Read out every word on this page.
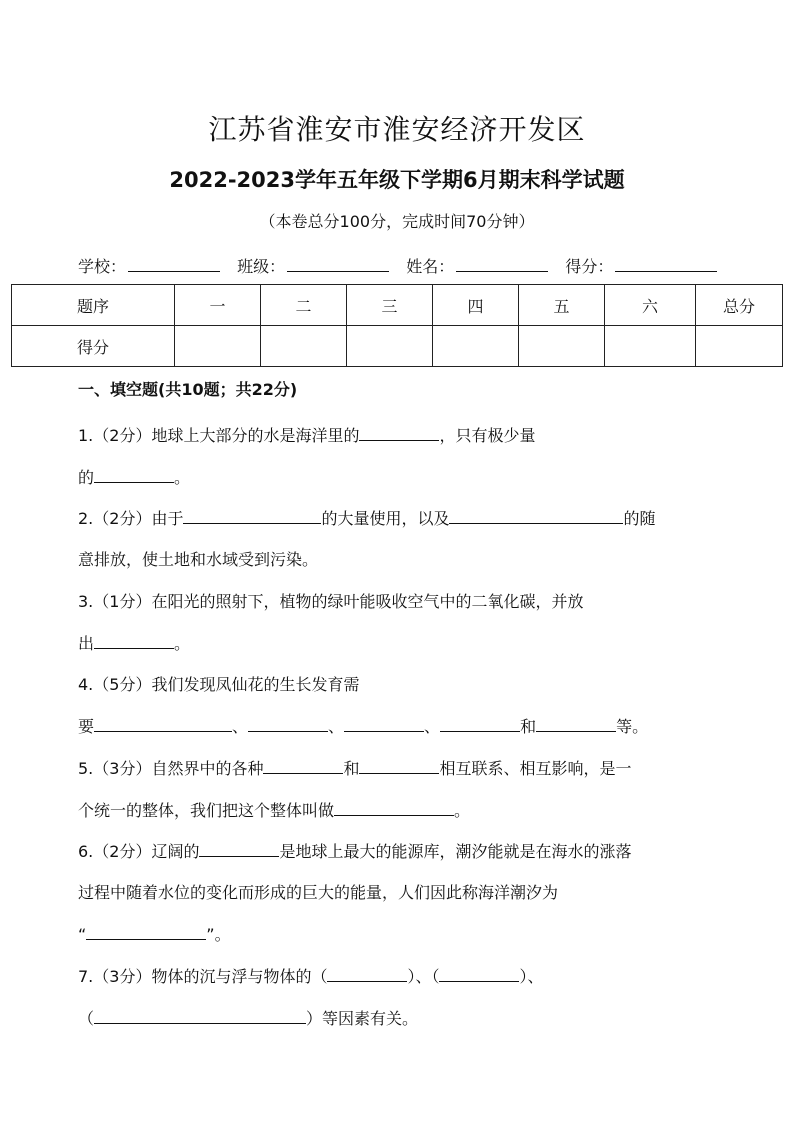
江苏省淮安市淮安经济开发区
2022-2023学年五年级下学期6月期末科学试题
（本卷总分100分，完成时间70分钟）
学校：	班级：	姓名：	得分：
题序	一	二	三	四	五	六	总分
得分							
一、填空题(共10题；共22分)
1.（2分）地球上大部分的水是海洋里的	，只有极少量
的	。
2.（2分）由于	的大量使用，以及	的随
意排放，使土地和水域受到污染。
3.（1分）在阳光的照射下，植物的绿叶能吸收空气中的二氧化碳，并放
出	。
4.（5分）我们发现凤仙花的生长发育需
要	、	、	、	和	等。
5.（3分）自然界中的各种	和	相互联系、相互影响，是一
个统一的整体，我们把这个整体叫做	。
6.（2分）辽阔的	是地球上最大的能源库，潮汐能就是在海水的涨落
过程中随着水位的变化而形成的巨大的能量，人们因此称海洋潮汐为
“	”。
7.（3分）物体的沉与浮与物体的（	）、（	）、
（	）等因素有关。
